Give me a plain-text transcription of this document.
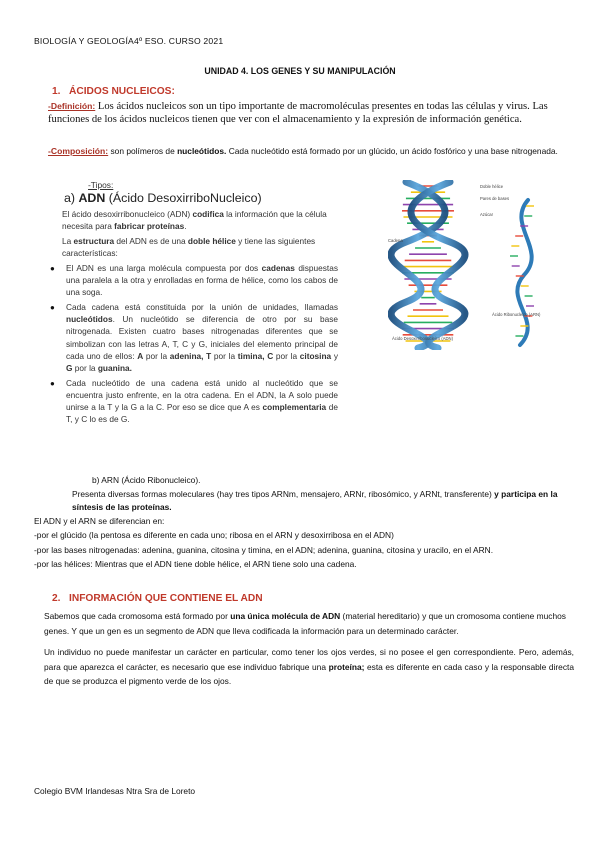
BIOLOGÍA Y GEOLOGÍA4º ESO. CURSO 2021
UNIDAD 4. LOS GENES Y SU MANIPULACIÓN
1. ÁCIDOS NUCLEICOS:
-Definición: Los ácidos nucleicos son un tipo importante de macromoléculas presentes en todas las células y virus. Las funciones de los ácidos nucleicos tienen que ver con el almacenamiento y la expresión de información genética.
-Composición: son polímeros de nucleótidos. Cada nucleótido está formado por un glúcido, un ácido fosfórico y una base nitrogenada.
-Tipos:
a) ADN (Ácido DesoxirriboNucleico)
El ácido desoxirribonucleico (ADN) codifica la información que la célula necesita para fabricar proteínas.
La estructura del ADN es de una doble hélice y tiene las siguientes características:
● El ADN es una larga molécula compuesta por dos cadenas dispuestas una paralela a la otra y enrolladas en forma de hélice, como los cabos de una soga.
● Cada cadena está constituida por la unión de unidades, llamadas nucleótidos. Un nucleótido se diferencia de otro por su base nitrogenada. Existen cuatro bases nitrogenadas diferentes que se simbolizan con las letras A, T, C y G, iniciales del elemento principal de cada uno de ellos: A por la adenina, T por la timina, C por la citosina y G por la guanina.
● Cada nucleótido de una cadena está unido al nucleótido que se encuentra justo enfrente, en la otra cadena. En el ADN, la A solo puede unirse a la T y la G a la C. Por eso se dice que A es complementaria de T, y C lo es de G.
Doble hélice
Pares de bases
Azúcar
Cadena
Ácido Desoxirribonucleico (ADN)
Ácido Ribonucleico (ARN)
b) ARN (Ácido Ribonucleico).
Presenta diversas formas moleculares (hay tres tipos ARNm, mensajero, ARNr, ribosómico, y ARNt, transferente) y participa en la síntesis de las proteínas.
El ADN y el ARN se diferencian en:
-por el glúcido (la pentosa es diferente en cada uno; ribosa en el ARN y desoxirribosa en el ADN)
-por las bases nitrogenadas: adenina, guanina, citosina y timina, en el ADN; adenina, guanina, citosina y uracilo, en el ARN.
-por las hélices: Mientras que el ADN tiene doble hélice, el ARN tiene solo una cadena.
2. INFORMACIÓN QUE CONTIENE EL ADN
Sabemos que cada cromosoma está formado por una única molécula de ADN (material hereditario) y que un cromosoma contiene muchos genes. Y que un gen es un segmento de ADN que lleva codificada la información para un determinado carácter.
Un individuo no puede manifestar un carácter en particular, como tener los ojos verdes, si no posee el gen correspondiente. Pero, además, para que aparezca el carácter, es necesario que ese individuo fabrique una proteína; esta es diferente en cada caso y la responsable directa de que se produzca el pigmento verde de los ojos.
Colegio BVM Irlandesas Ntra Sra de Loreto
